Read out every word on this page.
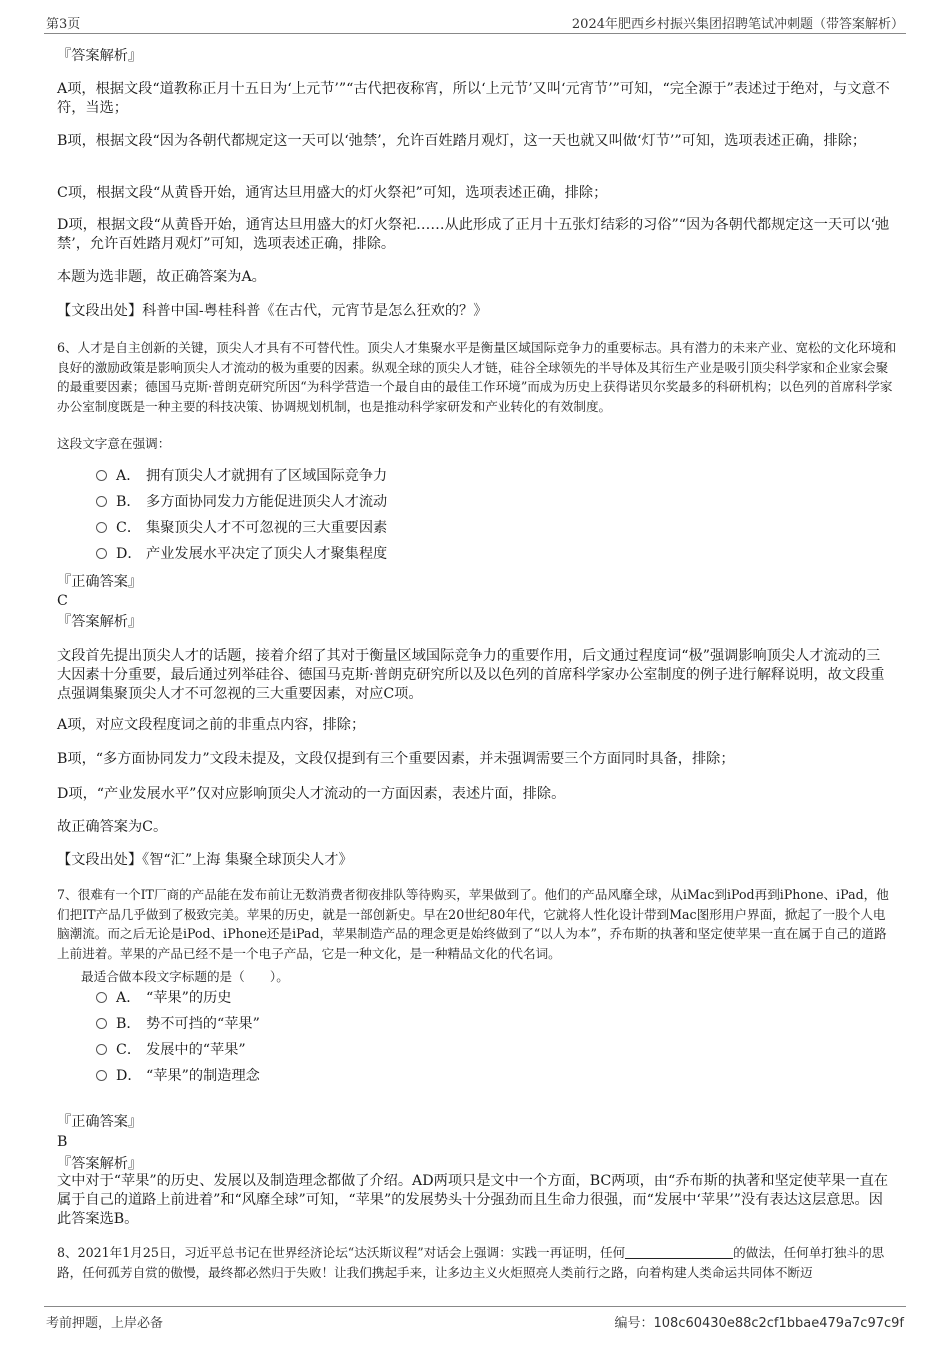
第3页	2024年肥西乡村振兴集团招聘笔试冲刺题（带答案解析）
『答案解析』
A项，根据文段“道教称正月十五日为‘上元节’”“古代把夜称宵，所以‘上元节’又叫‘元宵节’”可知，“完全源于”表述过于绝对，与文意不符，当选；
B项，根据文段“因为各朝代都规定这一天可以‘弛禁’，允许百姓踏月观灯，这一天也就又叫做‘灯节’”可知，选项表述正确，排除；
C项，根据文段“从黄昏开始，通宵达旦用盛大的灯火祭祀”可知，选项表述正确，排除；
D项，根据文段“从黄昏开始，通宵达旦用盛大的灯火祭祀……从此形成了正月十五张灯结彩的习俗”“因为各朝代都规定这一天可以‘弛禁’，允许百姓踏月观灯”可知，选项表述正确，排除。
本题为选非题，故正确答案为A。
【文段出处】科普中国-粤桂科普《在古代，元宵节是怎么狂欢的？》
6、人才是自主创新的关键，顶尖人才具有不可替代性。顶尖人才集聚水平是衡量区域国际竞争力的重要标志。具有潜力的未来产业、宽松的文化环境和良好的激励政策是影响顶尖人才流动的极为重要的因素。纵观全球的顶尖人才链，硅谷全球领先的半导体及其衍生产业是吸引顶尖科学家和企业家会聚的最重要因素；德国马克斯·普朗克研究所因“为科学营造一个最自由的最佳工作环境”而成为历史上获得诺贝尔奖最多的科研机构；以色列的首席科学家办公室制度既是一种主要的科技决策、协调规划机制，也是推动科学家研发和产业转化的有效制度。
这段文字意在强调：
A． 拥有顶尖人才就拥有了区域国际竞争力
B． 多方面协同发力方能促进顶尖人才流动
C． 集聚顶尖人才不可忽视的三大重要因素
D． 产业发展水平决定了顶尖人才聚集程度
『正确答案』
C
『答案解析』
文段首先提出顶尖人才的话题，接着介绍了其对于衡量区域国际竞争力的重要作用，后文通过程度词“极”强调影响顶尖人才流动的三大因素十分重要，最后通过列举硅谷、德国马克斯·普朗克研究所以及以色列的首席科学家办公室制度的例子进行解释说明，故文段重点强调集聚顶尖人才不可忽视的三大重要因素，对应C项。
A项，对应文段程度词之前的非重点内容，排除；
B项，“多方面协同发力”文段未提及，文段仅提到有三个重要因素，并未强调需要三个方面同时具备，排除；
D项，“产业发展水平”仅对应影响顶尖人才流动的一方面因素，表述片面，排除。
故正确答案为C。
【文段出处】《智“汇”上海 集聚全球顶尖人才》
7、很难有一个IT厂商的产品能在发布前让无数消费者彻夜排队等待购买，苹果做到了。他们的产品风靡全球，从iMac到iPod再到iPhone、iPad，他们把IT产品几乎做到了极致完美。苹果的历史，就是一部创新史。早在20世纪80年代，它就将人性化设计带到Mac图形用户界面，掀起了一股个人电脑潮流。而之后无论是iPod、iPhone还是iPad，苹果制造产品的理念更是始终做到了“以人为本”，乔布斯的执著和坚定使苹果一直在属于自己的道路上前进着。苹果的产品已经不是一个电子产品，它是一种文化，是一种精品文化的代名词。
最适合做本段文字标题的是（　　）。
A． “苹果”的历史
B． 势不可挡的“苹果”
C． 发展中的“苹果”
D． “苹果”的制造理念
『正确答案』
B
『答案解析』
文中对于“苹果”的历史、发展以及制造理念都做了介绍。AD两项只是文中一个方面，BC两项，由“乔布斯的执著和坚定使苹果一直在属于自己的道路上前进着”和“风靡全球”可知，“苹果”的发展势头十分强劲而且生命力很强，而“发展中‘苹果’”没有表达这层意思。因此答案选B。
8、2021年1月25日，习近平总书记在世界经济论坛“达沃斯议程”对话会上强调：实践一再证明，任何	的做法，任何单打独斗的思路，任何孤芳自赏的傲慢，最终都必然归于失败！让我们携起手来，让多边主义火炬照亮人类前行之路，向着构建人类命运共同体不断迈
考前押题，上岸必备	编号：108c60430e88c2cf1bbae479a7c97c9f
